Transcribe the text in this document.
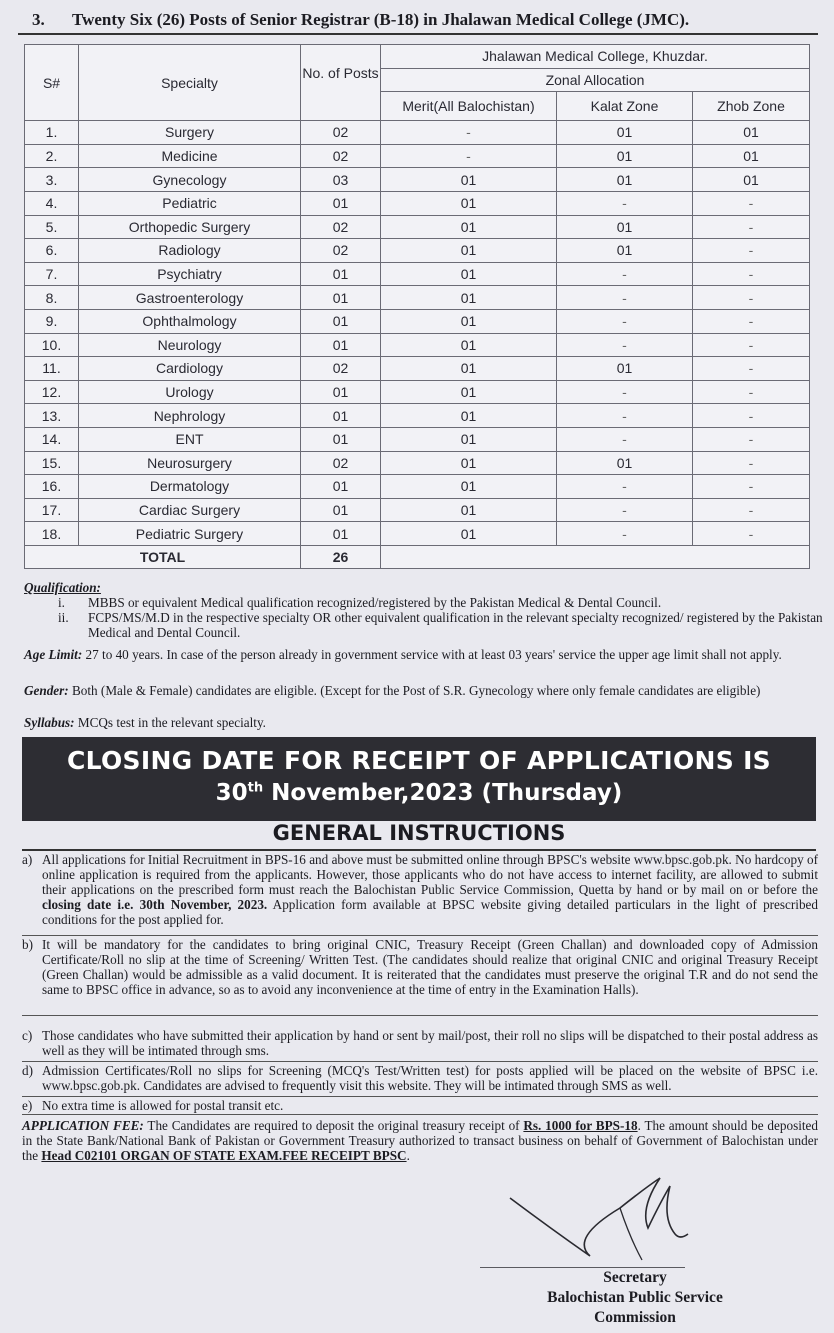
3. Twenty Six (26) Posts of Senior Registrar (B-18) in Jhalawan Medical College (JMC).
S#	Specialty	No. of Posts	Jhalawan Medical College, Khuzdar.		
			Zonal Allocation		
			Merit(All Balochistan)	Kalat Zone	Zhob Zone
1.	Surgery	02	-	01	01
2.	Medicine	02	-	01	01
3.	Gynecology	03	01	01	01
4.	Pediatric	01	01	-	-
5.	Orthopedic Surgery	02	01	01	-
6.	Radiology	02	01	01	-
7.	Psychiatry	01	01	-	-
8.	Gastroenterology	01	01	-	-
9.	Ophthalmology	01	01	-	-
10.	Neurology	01	01	-	-
11.	Cardiology	02	01	01	-
12.	Urology	01	01	-	-
13.	Nephrology	01	01	-	-
14.	ENT	01	01	-	-
15.	Neurosurgery	02	01	01	-
16.	Dermatology	01	01	-	-
17.	Cardiac Surgery	01	01	-	-
18.	Pediatric Surgery	01	01	-	-
TOTAL		26			
Qualification:
i. MBBS or equivalent Medical qualification recognized/registered by the Pakistan Medical & Dental Council.
ii. FCPS/MS/M.D in the respective specialty OR other equivalent qualification in the relevant specialty recognized/ registered by the Pakistan Medical and Dental Council.
Age Limit: 27 to 40 years. In case of the person already in government service with at least 03 years' service the upper age limit shall not apply.
Gender: Both (Male & Female) candidates are eligible. (Except for the Post of S.R. Gynecology where only female candidates are eligible)
Syllabus: MCQs test in the relevant specialty.
CLOSING DATE FOR RECEIPT OF APPLICATIONS IS
30th November,2023 (Thursday)
GENERAL INSTRUCTIONS
a) All applications for Initial Recruitment in BPS-16 and above must be submitted online through BPSC's website www.bpsc.gob.pk. No hardcopy of online application is required from the applicants. However, those applicants who do not have access to internet facility, are allowed to submit their applications on the prescribed form must reach the Balochistan Public Service Commission, Quetta by hand or by mail on or before the closing date i.e. 30th November, 2023. Application form available at BPSC website giving detailed particulars in the light of prescribed conditions for the post applied for.
b) It will be mandatory for the candidates to bring original CNIC, Treasury Receipt (Green Challan) and downloaded copy of Admission Certificate/Roll no slip at the time of Screening/ Written Test. (The candidates should realize that original CNIC and original Treasury Receipt (Green Challan) would be admissible as a valid document. It is reiterated that the candidates must preserve the original T.R and do not send the same to BPSC office in advance, so as to avoid any inconvenience at the time of entry in the Examination Halls).
c) Those candidates who have submitted their application by hand or sent by mail/post, their roll no slips will be dispatched to their postal address as well as they will be intimated through sms.
d) Admission Certificates/Roll no slips for Screening (MCQ's Test/Written test) for posts applied will be placed on the website of BPSC i.e. www.bpsc.gob.pk. Candidates are advised to frequently visit this website. They will be intimated through SMS as well.
e) No extra time is allowed for postal transit etc.
APPLICATION FEE: The Candidates are required to deposit the original treasury receipt of Rs. 1000 for BPS-18. The amount should be deposited in the State Bank/National Bank of Pakistan or Government Treasury authorized to transact business on behalf of Government of Balochistan under the Head C02101 ORGAN OF STATE EXAM.FEE RECEIPT BPSC.
Secretary
Balochistan Public Service
Commission
